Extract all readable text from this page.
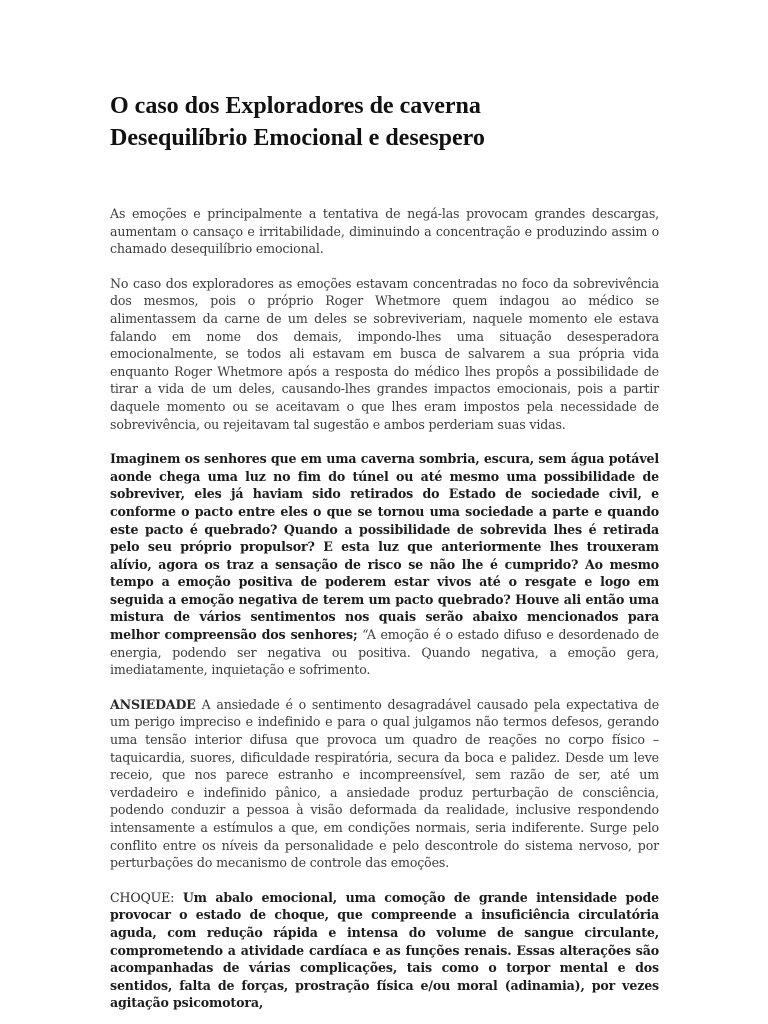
O caso dos Exploradores de caverna
Desequilíbrio Emocional e desespero

As emoções e principalmente a tentativa de negá-las provocam grandes descargas, aumentam o cansaço e irritabilidade, diminuindo a concentração e produzindo assim o chamado desequilíbrio emocional.

No caso dos exploradores as emoções estavam concentradas no foco da sobrevivência dos mesmos, pois o próprio Roger Whetmore quem indagou ao médico se alimentassem da carne de um deles se sobreviveriam, naquele momento ele estava falando em nome dos demais, impondo-lhes uma situação desesperadora emocionalmente, se todos ali estavam em busca de salvarem a sua própria vida enquanto Roger Whetmore após a resposta do médico lhes propôs a possibilidade de tirar a vida de um deles, causando-lhes grandes impactos emocionais, pois a partir daquele momento ou se aceitavam o que lhes eram impostos pela necessidade de sobrevivência, ou rejeitavam tal sugestão e ambos perderiam suas vidas.

Imaginem os senhores que em uma caverna sombria, escura, sem água potável aonde chega uma luz no fim do túnel ou até mesmo uma possibilidade de sobreviver, eles já haviam sido retirados do Estado de sociedade civil, e conforme o pacto entre eles o que se tornou uma sociedade a parte e quando este pacto é quebrado? Quando a possibilidade de sobrevida lhes é retirada pelo seu próprio propulsor? E esta luz que anteriormente lhes trouxeram alívio, agora os traz a sensação de risco se não lhe é cumprido? Ao mesmo tempo a emoção positiva de poderem estar vivos até o resgate e logo em seguida a emoção negativa de terem um pacto quebrado? Houve ali então uma mistura de vários sentimentos nos quais serão abaixo mencionados para melhor compreensão dos senhores; “A emoção é o estado difuso e desordenado de energia, podendo ser negativa ou positiva. Quando negativa, a emoção gera, imediatamente, inquietação e sofrimento.

ANSIEDADE A ansiedade é o sentimento desagradável causado pela expectativa de um perigo impreciso e indefinido e para o qual julgamos não termos defesos, gerando uma tensão interior difusa que provoca um quadro de reações no corpo físico – taquicardia, suores, dificuldade respiratória, secura da boca e palidez. Desde um leve receio, que nos parece estranho e incompreensível, sem razão de ser, até um verdadeiro e indefinido pânico, a ansiedade produz perturbação de consciência, podendo conduzir a pessoa à visão deformada da realidade, inclusive respondendo intensamente a estímulos a que, em condições normais, seria indiferente. Surge pelo conflito entre os níveis da personalidade e pelo descontrole do sistema nervoso, por perturbações do mecanismo de controle das emoções.

CHOQUE: Um abalo emocional, uma comoção de grande intensidade pode provocar o estado de choque, que compreende a insuficiência circulatória aguda, com redução rápida e intensa do volume de sangue circulante, comprometendo a atividade cardíaca e as funções renais. Essas alterações são acompanhadas de várias complicações, tais como o torpor mental e dos sentidos, falta de forças, prostração física e/ou moral (adinamia), por vezes agitação psicomotora,
